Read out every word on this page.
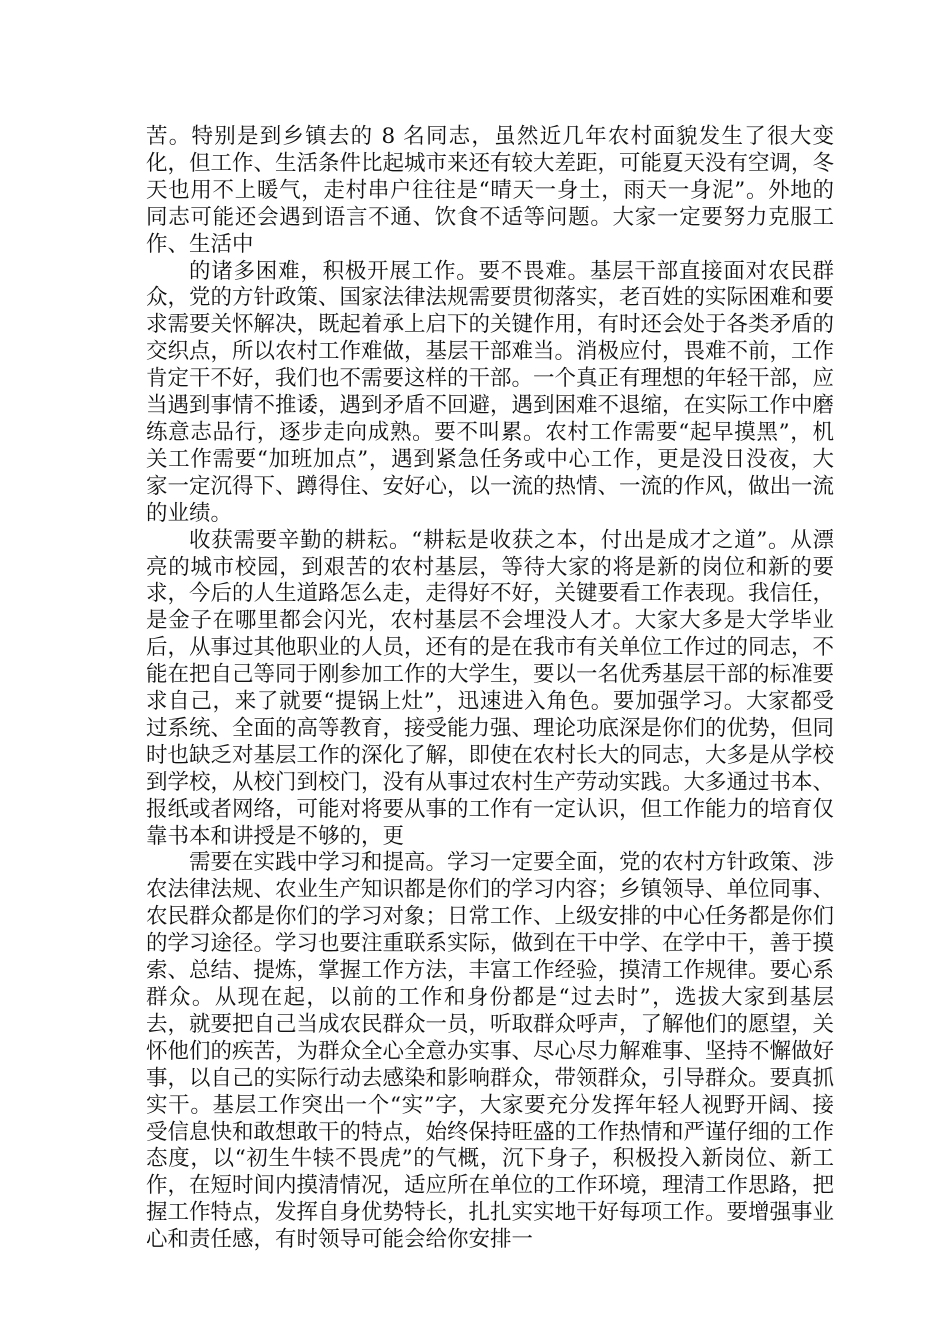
苦。特别是到乡镇去的 8 名同志，虽然近几年农村面貌发生了很大变化，但工作、生活条件比起城市来还有较大差距，可能夏天没有空调，冬天也用不上暖气，走村串户往往是“晴天一身土，雨天一身泥”。外地的同志可能还会遇到语言不通、饮食不适等问题。大家一定要努力克服工作、生活中

的诸多困难，积极开展工作。要不畏难。基层干部直接面对农民群众，党的方针政策、国家法律法规需要贯彻落实，老百姓的实际困难和要求需要关怀解决，既起着承上启下的关键作用，有时还会处于各类矛盾的交织点，所以农村工作难做，基层干部难当。消极应付，畏难不前，工作肯定干不好，我们也不需要这样的干部。一个真正有理想的年轻干部，应当遇到事情不推诿，遇到矛盾不回避，遇到困难不退缩，在实际工作中磨练意志品行，逐步走向成熟。要不叫累。农村工作需要“起早摸黑”，机关工作需要“加班加点”，遇到紧急任务或中心工作，更是没日没夜，大家一定沉得下、蹲得住、安好心，以一流的热情、一流的作风，做出一流的业绩。

收获需要辛勤的耕耘。“耕耘是收获之本，付出是成才之道”。从漂亮的城市校园，到艰苦的农村基层，等待大家的将是新的岗位和新的要求，今后的人生道路怎么走，走得好不好，关键要看工作表现。我信任，是金子在哪里都会闪光，农村基层不会埋没人才。大家大多是大学毕业后，从事过其他职业的人员，还有的是在我市有关单位工作过的同志，不能在把自己等同于刚参加工作的大学生，要以一名优秀基层干部的标准要求自己，来了就要“提锅上灶”，迅速进入角色。要加强学习。大家都受过系统、全面的高等教育，接受能力强、理论功底深是你们的优势，但同时也缺乏对基层工作的深化了解，即使在农村长大的同志，大多是从学校到学校，从校门到校门，没有从事过农村生产劳动实践。大多通过书本、报纸或者网络，可能对将要从事的工作有一定认识，但工作能力的培育仅靠书本和讲授是不够的，更

需要在实践中学习和提高。学习一定要全面，党的农村方针政策、涉农法律法规、农业生产知识都是你们的学习内容；乡镇领导、单位同事、农民群众都是你们的学习对象；日常工作、上级安排的中心任务都是你们的学习途径。学习也要注重联系实际，做到在干中学、在学中干，善于摸索、总结、提炼，掌握工作方法，丰富工作经验，摸清工作规律。要心系群众。从现在起，以前的工作和身份都是“过去时”，选拔大家到基层去，就要把自己当成农民群众一员，听取群众呼声，了解他们的愿望，关怀他们的疾苦，为群众全心全意办实事、尽心尽力解难事、坚持不懈做好事，以自己的实际行动去感染和影响群众，带领群众，引导群众。要真抓实干。基层工作突出一个“实”字，大家要充分发挥年轻人视野开阔、接受信息快和敢想敢干的特点，始终保持旺盛的工作热情和严谨仔细的工作态度，以“初生牛犊不畏虎”的气概，沉下身子，积极投入新岗位、新工作，在短时间内摸清情况，适应所在单位的工作环境，理清工作思路，把握工作特点，发挥自身优势特长，扎扎实实地干好每项工作。要增强事业心和责任感，有时领导可能会给你安排一
